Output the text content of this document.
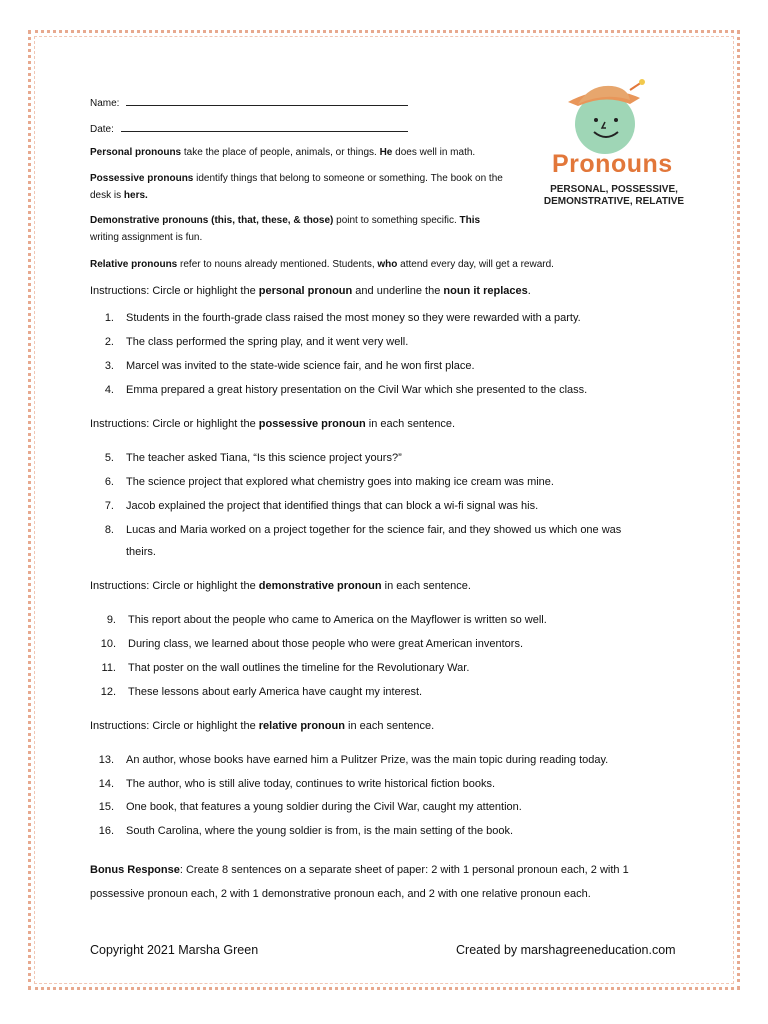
Name:
Date:
Pronouns
PERSONAL, POSSESSIVE,
DEMONSTRATIVE, RELATIVE
Personal pronouns take the place of people, animals, or things. He does well in math.
Possessive pronouns identify things that belong to someone or something. The book on the desk is hers.
Demonstrative pronouns (this, that, these, & those) point to something specific. This writing assignment is fun.
Relative pronouns refer to nouns already mentioned. Students, who attend every day, will get a reward.
Instructions: Circle or highlight the personal pronoun and underline the noun it replaces.
1. Students in the fourth-grade class raised the most money so they were rewarded with a party.
2. The class performed the spring play, and it went very well.
3. Marcel was invited to the state-wide science fair, and he won first place.
4. Emma prepared a great history presentation on the Civil War which she presented to the class.
Instructions: Circle or highlight the possessive pronoun in each sentence.
5. The teacher asked Tiana, “Is this science project yours?”
6. The science project that explored what chemistry goes into making ice cream was mine.
7. Jacob explained the project that identified things that can block a wi-fi signal was his.
8. Lucas and Maria worked on a project together for the science fair, and they showed us which one was
theirs.
Instructions: Circle or highlight the demonstrative pronoun in each sentence.
9. This report about the people who came to America on the Mayflower is written so well.
10. During class, we learned about those people who were great American inventors.
11. That poster on the wall outlines the timeline for the Revolutionary War.
12. These lessons about early America have caught my interest.
Instructions: Circle or highlight the relative pronoun in each sentence.
13. An author, whose books have earned him a Pulitzer Prize, was the main topic during reading today.
14. The author, who is still alive today, continues to write historical fiction books.
15. One book, that features a young soldier during the Civil War, caught my attention.
16. South Carolina, where the young soldier is from, is the main setting of the book.
Bonus Response: Create 8 sentences on a separate sheet of paper: 2 with 1 personal pronoun each, 2 with 1
possessive pronoun each, 2 with 1 demonstrative pronoun each, and 2 with one relative pronoun each.
Copyright 2021 Marsha Green	Created by marshagreeneducation.com
